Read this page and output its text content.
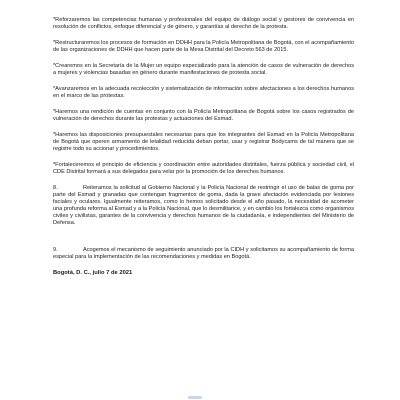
*Reforzaremos las competencias humanas y profesionales del equipo de diálogo social y gestores de convivencia en resolución de conflictos, enfoque diferencial y de género, y garantías al derecho de la protesta.

*Restructuraremos los procesos de formación en DDHH para la Policía Metropolitana de Bogotá, con el acompañamiento de las organizaciones de DDHH que hacen parte de la Mesa Distrital del Decreto 563 de 2015.

*Crearemos en la Secretaría de la Mujer un equipo especializado para la atención de casos de vulneración de derechos a mujeres y violencias basadas en género durante manifestaciones de protesta social.

*Avanzaremos en la adecuada recolección y sistematización de información sobre afectaciones a los derechos humanos en el marco de las protestas.

*Haremos una rendición de cuentas en conjunto con la Policía Metropolitana de Bogotá sobre los casos registrados de vulneración de derechos durante las protestas y actuaciones del Esmad.

*Haremos las disposiciones presupuestales necesarias para que los integrantes del Esmad en la Policía Metropolitana de Bogotá que operen armamento de letalidad reducida deban portar, usar y registrar Bodycams de tal manera que se registre todo su accionar y procedimientos.

*Fortaleceremos el principio de eficiencia y coordinación entre autoridades distritales, fuerza pública y sociedad civil, el CDE Distrital formará a sus delegados para velar por la promoción de los derechos humanos.

8.	Reiteramos la solicitud al Gobierno Nacional y la Policía Nacional de restringir el uso de balas de goma por parte del Esmad y granadas que contengan fragmentos de goma, dada la grave afectación evidenciada por lesiones faciales y oculares. Igualmente reiteramos, como lo hemos solicitado desde el año pasado, la necesidad de acometer una profunda reforma al Esmad y a la Policía Nacional, que lo desmilitarice, y en cambio los fortalezca como organismos civiles y civilistas, garantes de la convivencia y derechos humanos de la ciudadanía, e independientes del Ministerio de Defensa.

9.	Acogemos el mecanismo de seguimiento anunciado por la CIDH y solicitamos su acompañamiento de forma especial para la implementación de las recomendaciones y medidas en Bogotá.

Bogotá, D. C., julio 7 de 2021
